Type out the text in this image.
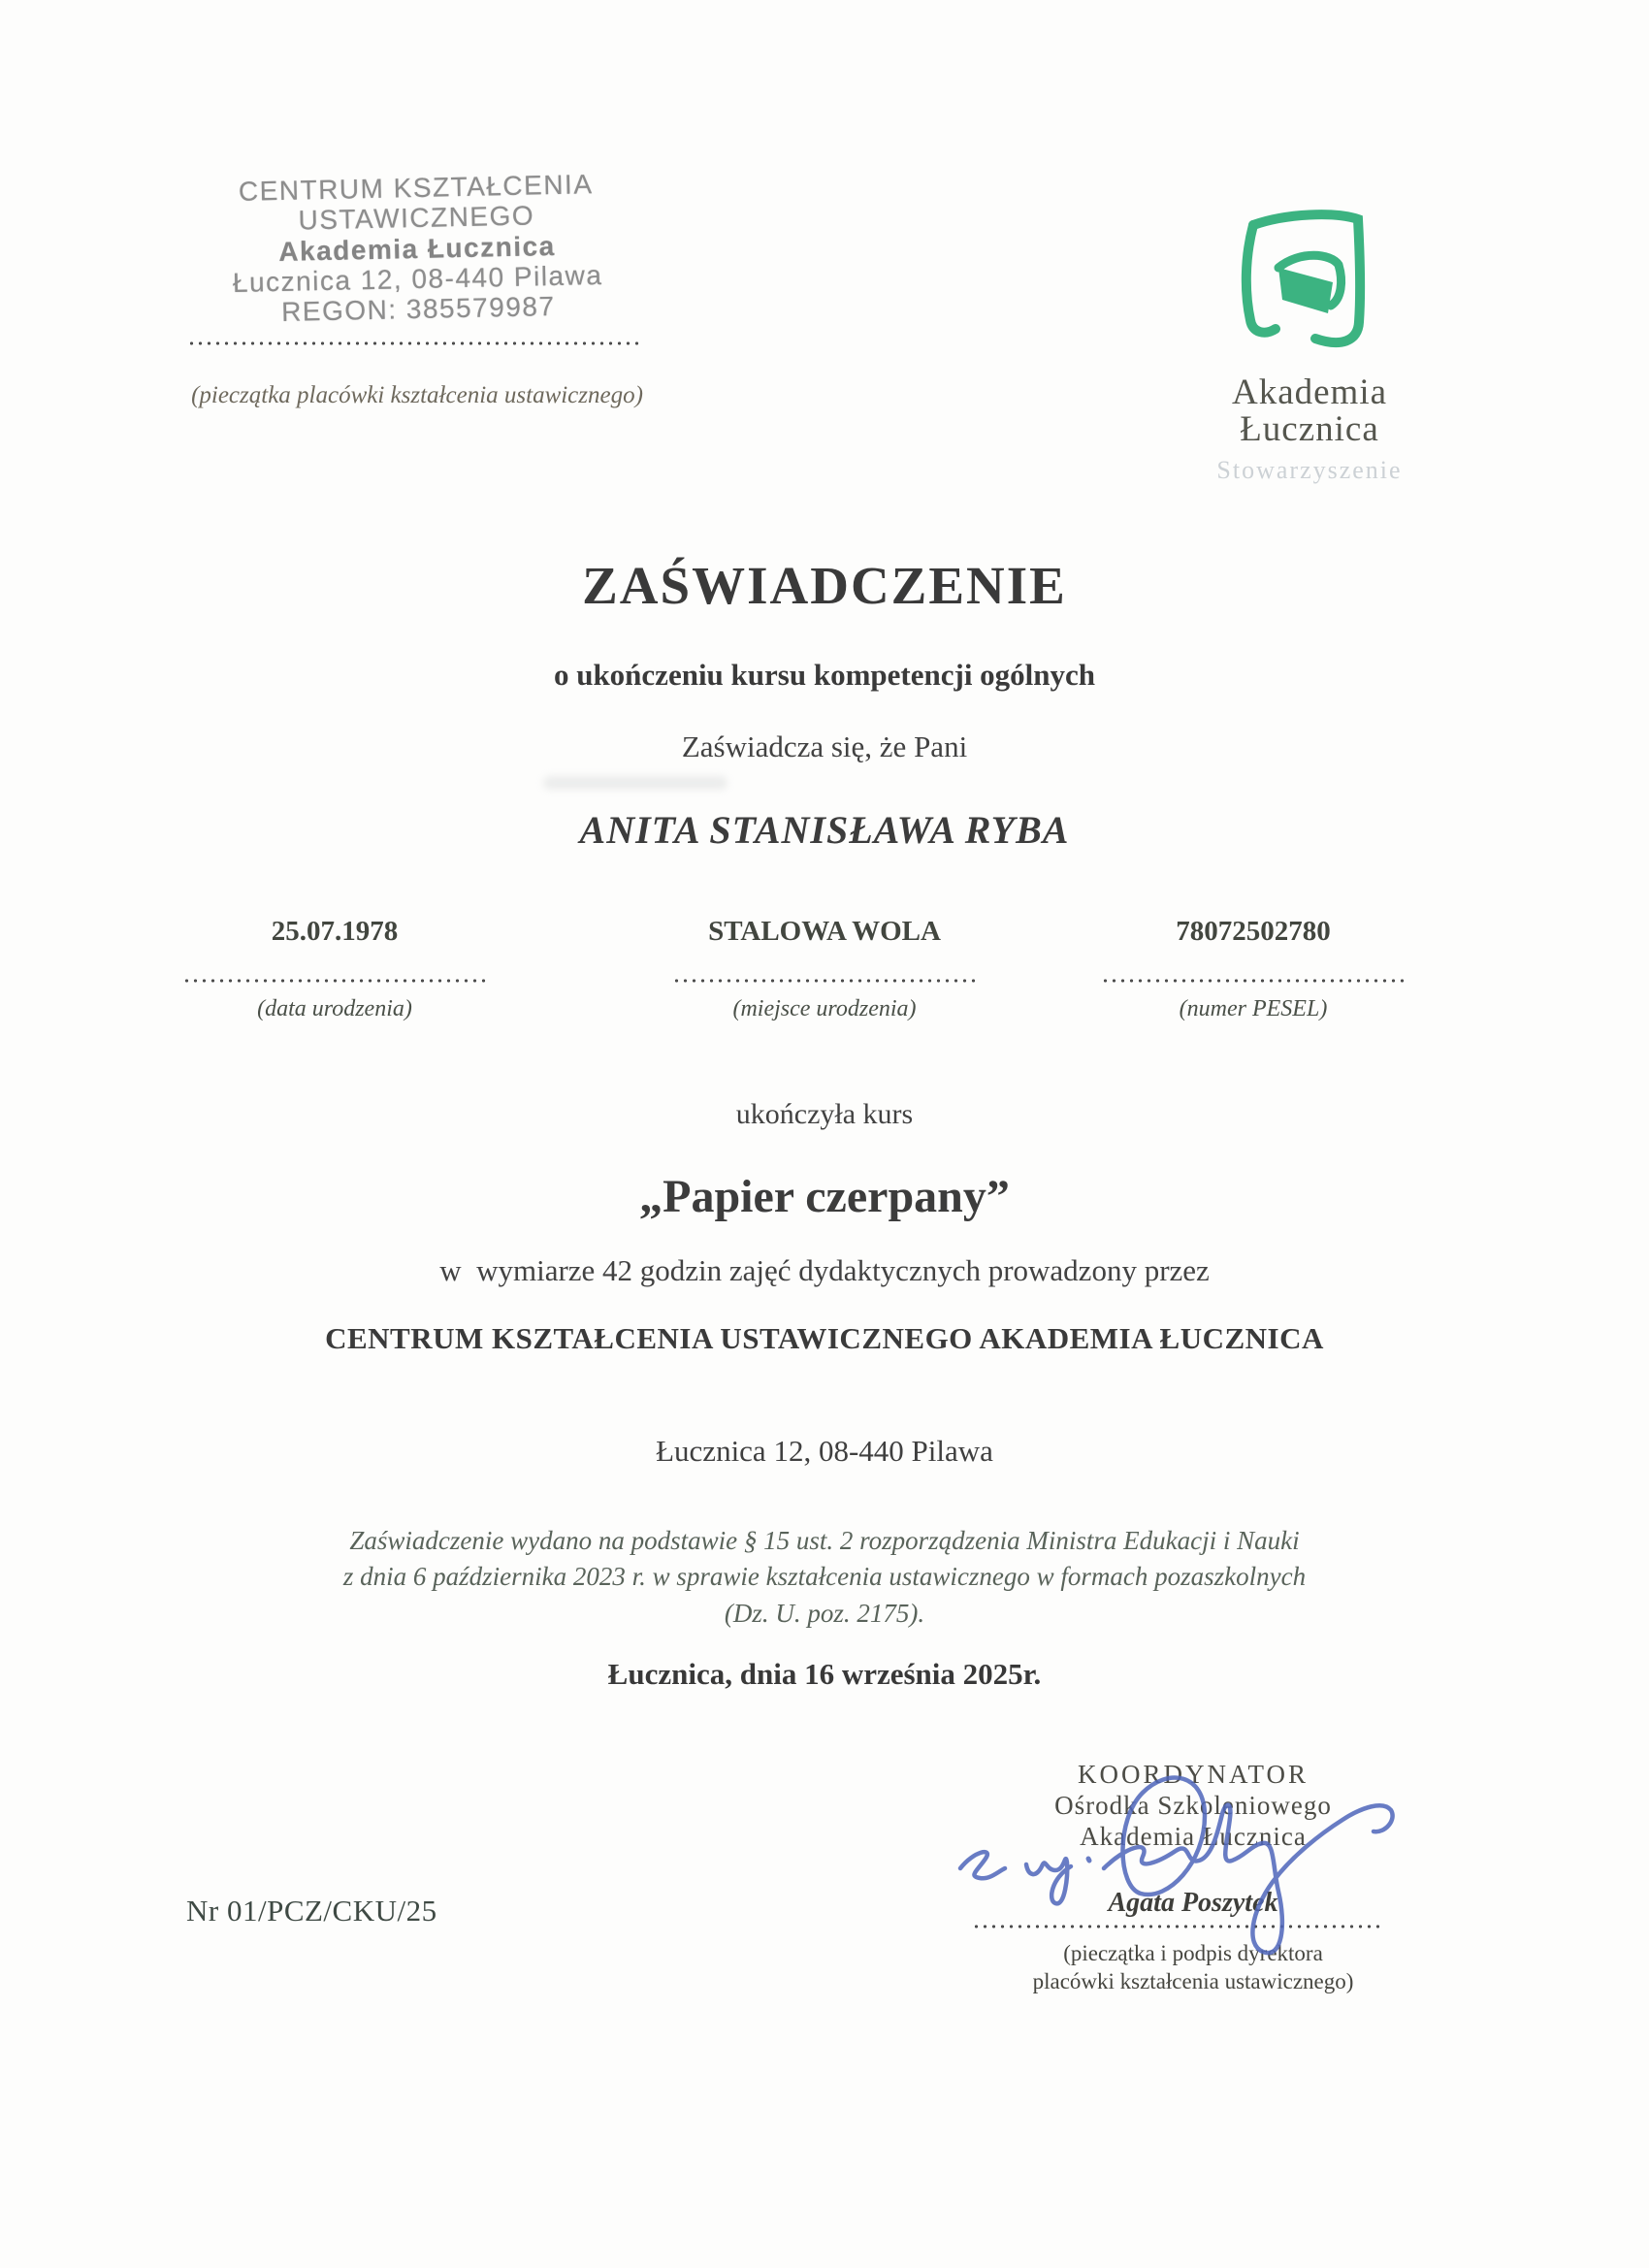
CENTRUM KSZTAŁCENIA
USTAWICZNEGO
Akademia Łucznica
Łucznica 12, 08-440 Pilawa
REGON: 385579987
(pieczątka placówki kształcenia ustawicznego)	Akademia
Łucznica
Stowarzyszenie
ZAŚWIADCZENIE
o ukończeniu kursu kompetencji ogólnych
Zaświadcza się, że Pani
ANITA STANISŁAWA RYBA
25.07.1978
(data urodzenia)
STALOWA WOLA
(miejsce urodzenia)
78072502780
(numer PESEL)
ukończyła kurs
„Papier czerpany”
w  wymiarze 42 godzin zajęć dydaktycznych prowadzony przez
CENTRUM KSZTAŁCENIA USTAWICZNEGO AKADEMIA ŁUCZNICA
Łucznica 12, 08-440 Pilawa
Zaświadczenie wydano na podstawie § 15 ust. 2 rozporządzenia Ministra Edukacji i Nauki
z dnia 6 października 2023 r. w sprawie kształcenia ustawicznego w formach pozaszkolnych
(Dz. U. poz. 2175).
Łucznica, dnia 16 września 2025r.
KOORDYNATOR
Ośrodka Szkoleniowego
Akademia Łucznica
Agata Poszytek
(pieczątka i podpis dyrektora
placówki kształcenia ustawicznego)
Nr 01/PCZ/CKU/25
